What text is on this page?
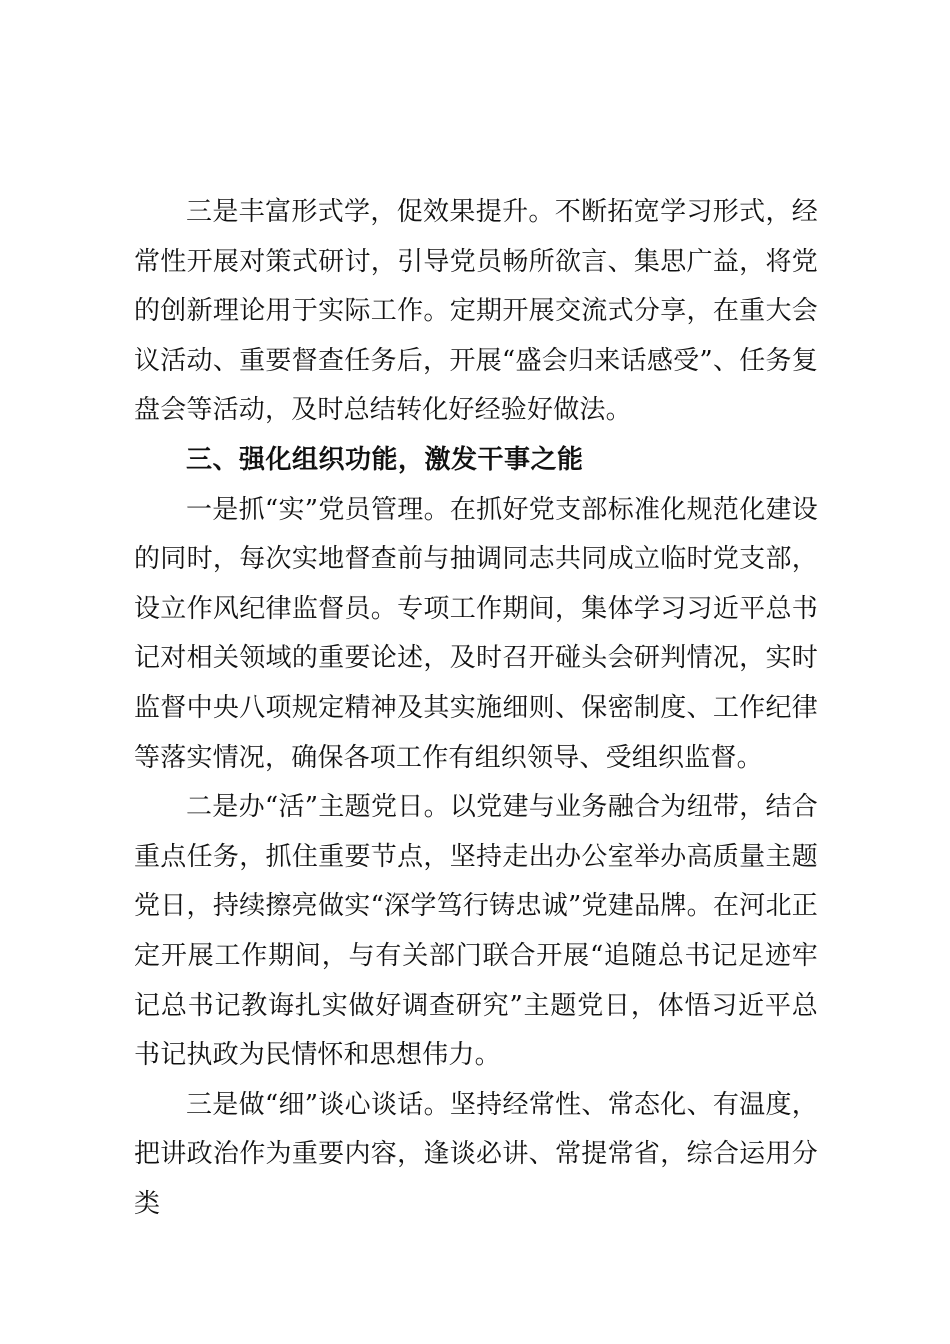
三是丰富形式学，促效果提升。不断拓宽学习形式，经常性开展对策式研讨，引导党员畅所欲言、集思广益，将党的创新理论用于实际工作。定期开展交流式分享，在重大会议活动、重要督查任务后，开展“盛会归来话感受”、任务复盘会等活动，及时总结转化好经验好做法。

三、强化组织功能，激发干事之能

一是抓“实”党员管理。在抓好党支部标准化规范化建设的同时，每次实地督查前与抽调同志共同成立临时党支部，设立作风纪律监督员。专项工作期间，集体学习习近平总书记对相关领域的重要论述，及时召开碰头会研判情况，实时监督中央八项规定精神及其实施细则、保密制度、工作纪律等落实情况，确保各项工作有组织领导、受组织监督。

二是办“活”主题党日。以党建与业务融合为纽带，结合重点任务，抓住重要节点，坚持走出办公室举办高质量主题党日，持续擦亮做实“深学笃行铸忠诚”党建品牌。在河北正定开展工作期间，与有关部门联合开展“追随总书记足迹牢记总书记教诲扎实做好调查研究”主题党日，体悟习近平总书记执政为民情怀和思想伟力。

三是做“细”谈心谈话。坚持经常性、常态化、有温度，把讲政治作为重要内容，逢谈必讲、常提常省，综合运用分类
